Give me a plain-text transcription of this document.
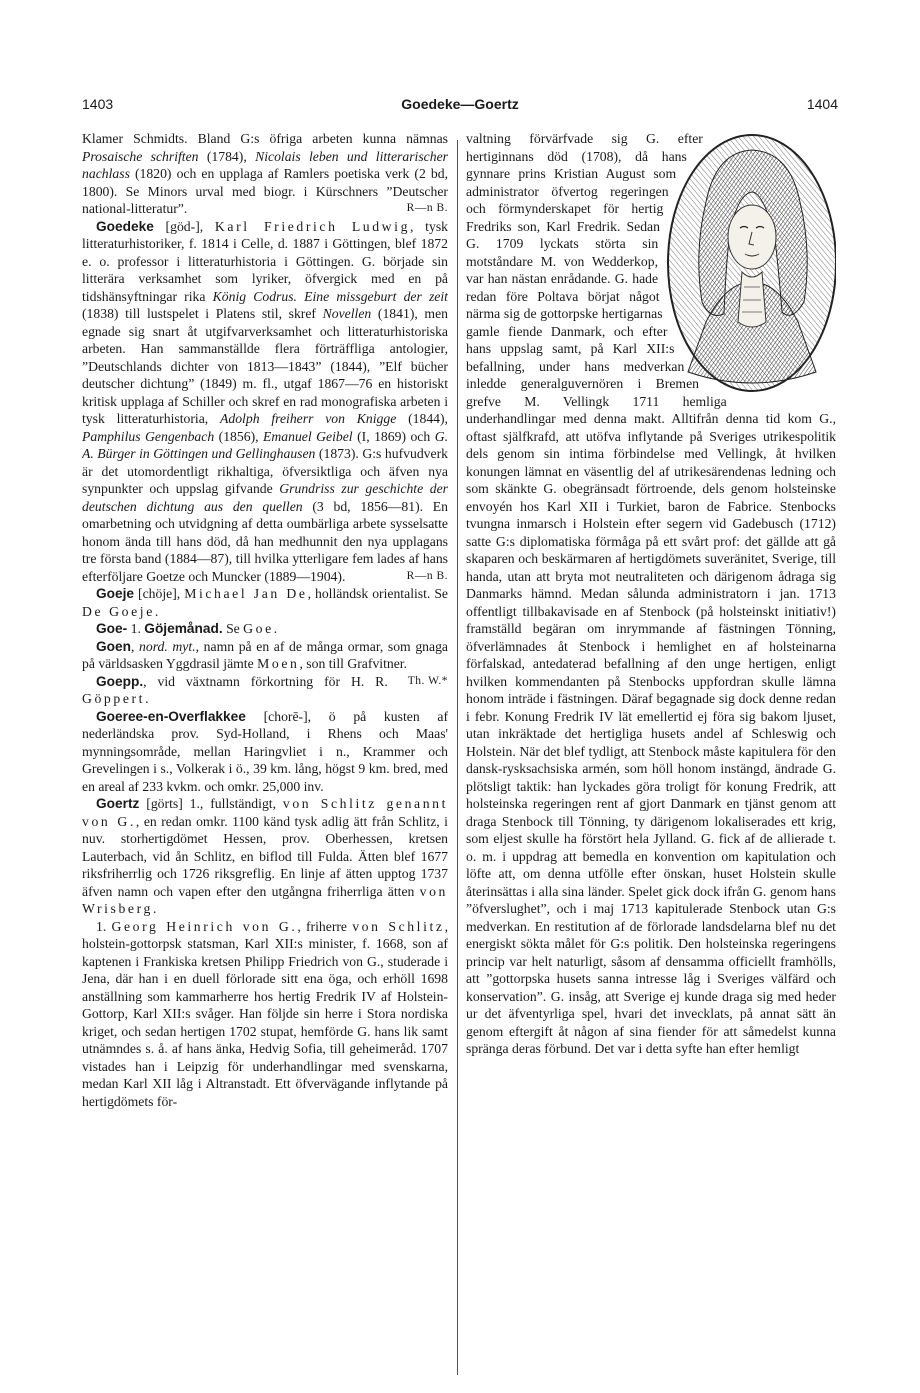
1403	Goedeke—Goertz	1404

Klamer Schmidts. Bland G:s öfriga arbeten kunna nämnas Prosaische schriften (1784), Nicolais leben und litterarischer nachlass (1820) och en upplaga af Ramlers poetiska verk (2 bd, 1800). Se Minors urval med biogr. i Kürschners ”Deutscher national-litteratur”.	R—n B.

Goedeke [göd-], Karl Friedrich Ludwig, tysk litteraturhistoriker, f. 1814 i Celle, d. 1887 i Göttingen, blef 1872 e. o. professor i litteraturhistoria i Göttingen. G. började sin litterära verksamhet som lyriker, öfvergick med en på tidshänsyftningar rika König Codrus. Eine missgeburt der zeit (1838) till lustspelet i Platens stil, skref Novellen (1841), men egnade sig snart åt utgifvarverksamhet och litteraturhistoriska arbeten. Han sammanställde flera förträffliga antologier, ”Deutschlands dichter von 1813—1843” (1844), ”Elf bücher deutscher dichtung” (1849) m. fl., utgaf 1867—76 en historiskt kritisk upplaga af Schiller och skref en rad monografiska arbeten i tysk litteraturhistoria, Adolph freiherr von Knigge (1844), Pamphilus Gengenbach (1856), Emanuel Geibel (I, 1869) och G. A. Bürger in Göttingen und Gellinghausen (1873). G:s hufvudverk är det utomordentligt rikhaltiga, öfversiktliga och äfven nya synpunkter och uppslag gifvande Grundriss zur geschichte der deutschen dichtung aus den quellen (3 bd, 1856—81). En omarbetning och utvidgning af detta oumbärliga arbete sysselsatte honom ända till hans död, då han medhunnit den nya upplagans tre första band (1884—87), till hvilka ytterligare fem lades af hans efterföljare Goetze och Muncker (1889—1904).	R—n B.

Goeje [chöje], Michael Jan De, holländsk orientalist. Se De Goeje.

Goe- 1. Göjemånad. Se Goe.

Goen, nord. myt., namn på en af de många ormar, som gnaga på världsasken Yggdrasil jämte Moen, son till Grafvitner.
Th. W.*

Goepp., vid växtnamn förkortning för H. R. Göppert.

Goeree-en-Overflakkee [chorē-], ö på kusten af nederländska prov. Syd-Holland, i Rhens och Maas' mynningsområde, mellan Haringvliet i n., Krammer och Grevelingen i s., Volkerak i ö., 39 km. lång, högst 9 km. bred, med en areal af 233 kvkm. och omkr. 25,000 inv.

Goertz [görts] 1., fullständigt, von Schlitz genannt von G., en redan omkr. 1100 känd tysk adlig ätt från Schlitz, i nuv. storhertigdömet Hessen, prov. Oberhessen, kretsen Lauterbach, vid ån Schlitz, en biflod till Fulda. Ätten blef 1677 riksfriherrlig och 1726 riksgreflig. En linje af ätten upptog 1737 äfven namn och vapen efter den utgångna friherrliga ätten von Wrisberg.

1. Georg Heinrich von G., friherre von Schlitz, holstein-gottorpsk statsman, Karl XII:s minister, f. 1668, son af kaptenen i Frankiska kretsen Philipp Friedrich von G., studerade i Jena, där han i en duell förlorade sitt ena öga, och erhöll 1698 anställning som kammarherre hos hertig Fredrik IV af Holstein-Gottorp, Karl XII:s svåger. Han följde sin herre i Stora nordiska kriget, och sedan hertigen 1702 stupat, hemförde G. hans lik samt utnämndes s. å. af hans änka, Hedvig Sofia, till geheimeråd. 1707 vistades han i Leipzig för underhandlingar med svenskarna, medan Karl XII låg i Altranstadt. Ett öfvervägande inflytande på hertigdömets för-

valtning förvärfvade sig G. efter hertiginnans död (1708), då hans gynnare prins Kristian August som administrator öfvertog regeringen och förmynderskapet för hertig Fredriks son, Karl Fredrik. Sedan G. 1709 lyckats störta sin motståndare M. von Wedderkop, var han nästan enrådande. G. hade redan före Poltava börjat något närma sig de gottorpske hertigarnas gamle fiende Danmark, och efter hans uppslag samt, på Karl XII:s befallning, under hans medverkan inledde generalguvernören i Bremen grefve M. Vellingk 1711 hemliga underhandlingar med denna makt. Alltifrån denna tid kom G., oftast själfkrafd, att utöfva inflytande på Sveriges utrikespolitik dels genom sin intima förbindelse med Vellingk, åt hvilken konungen lämnat en väsentlig del af utrikesärendenas ledning och som skänkte G. obegränsadt förtroende, dels genom holsteinske envoyén hos Karl XII i Turkiet, baron de Fabrice. Stenbocks tvungna inmarsch i Holstein efter segern vid Gadebusch (1712) satte G:s diplomatiska förmåga på ett svårt prof: det gällde att gå skaparen och beskärmaren af hertigdömets suveränitet, Sverige, till handa, utan att bryta mot neutraliteten och därigenom ådraga sig Danmarks hämnd. Medan sålunda administratorn i jan. 1713 offentligt tillbakavisade en af Stenbock (på holsteinskt initiativ!) framställd begäran om inrymmande af fästningen Tönning, öfverlämnades åt Stenbock i hemlighet en af holsteinarna förfalskad, antedaterad befallning af den unge hertigen, enligt hvilken kommendanten på Stenbocks uppfordran skulle lämna honom inträde i fästningen. Däraf begagnade sig dock denne redan i febr. Konung Fredrik IV lät emellertid ej föra sig bakom ljuset, utan inkräktade det hertigliga husets andel af Schleswig och Holstein. När det blef tydligt, att Stenbock måste kapitulera för den dansk-rysksachsiska armén, som höll honom instängd, ändrade G. plötsligt taktik: han lyckades göra troligt för konung Fredrik, att holsteinska regeringen rent af gjort Danmark en tjänst genom att draga Stenbock till Tönning, ty därigenom lokaliserades ett krig, som eljest skulle ha förstört hela Jylland. G. fick af de allierade t. o. m. i uppdrag att bemedla en konvention om kapitulation och löfte att, om denna utfölle efter önskan, huset Holstein skulle återinsättas i alla sina länder. Spelet gick dock ifrån G. genom hans ”öfverslughet”, och i maj 1713 kapitulerade Stenbock utan G:s medverkan. En restitution af de förlorade landsdelarna blef nu det energiskt sökta målet för G:s politik. Den holsteinska regeringens princip var helt naturligt, såsom af densamma officiellt framhölls, att ”gottorpska husets sanna intresse låg i Sveriges välfärd och konservation”. G. insåg, att Sverige ej kunde draga sig med heder ur det äfventyrliga spel, hvari det invecklats, på annat sätt än genom eftergift åt någon af sina fiender för att såmedelst kunna spränga deras förbund. Det var i detta syfte han efter hemligt
